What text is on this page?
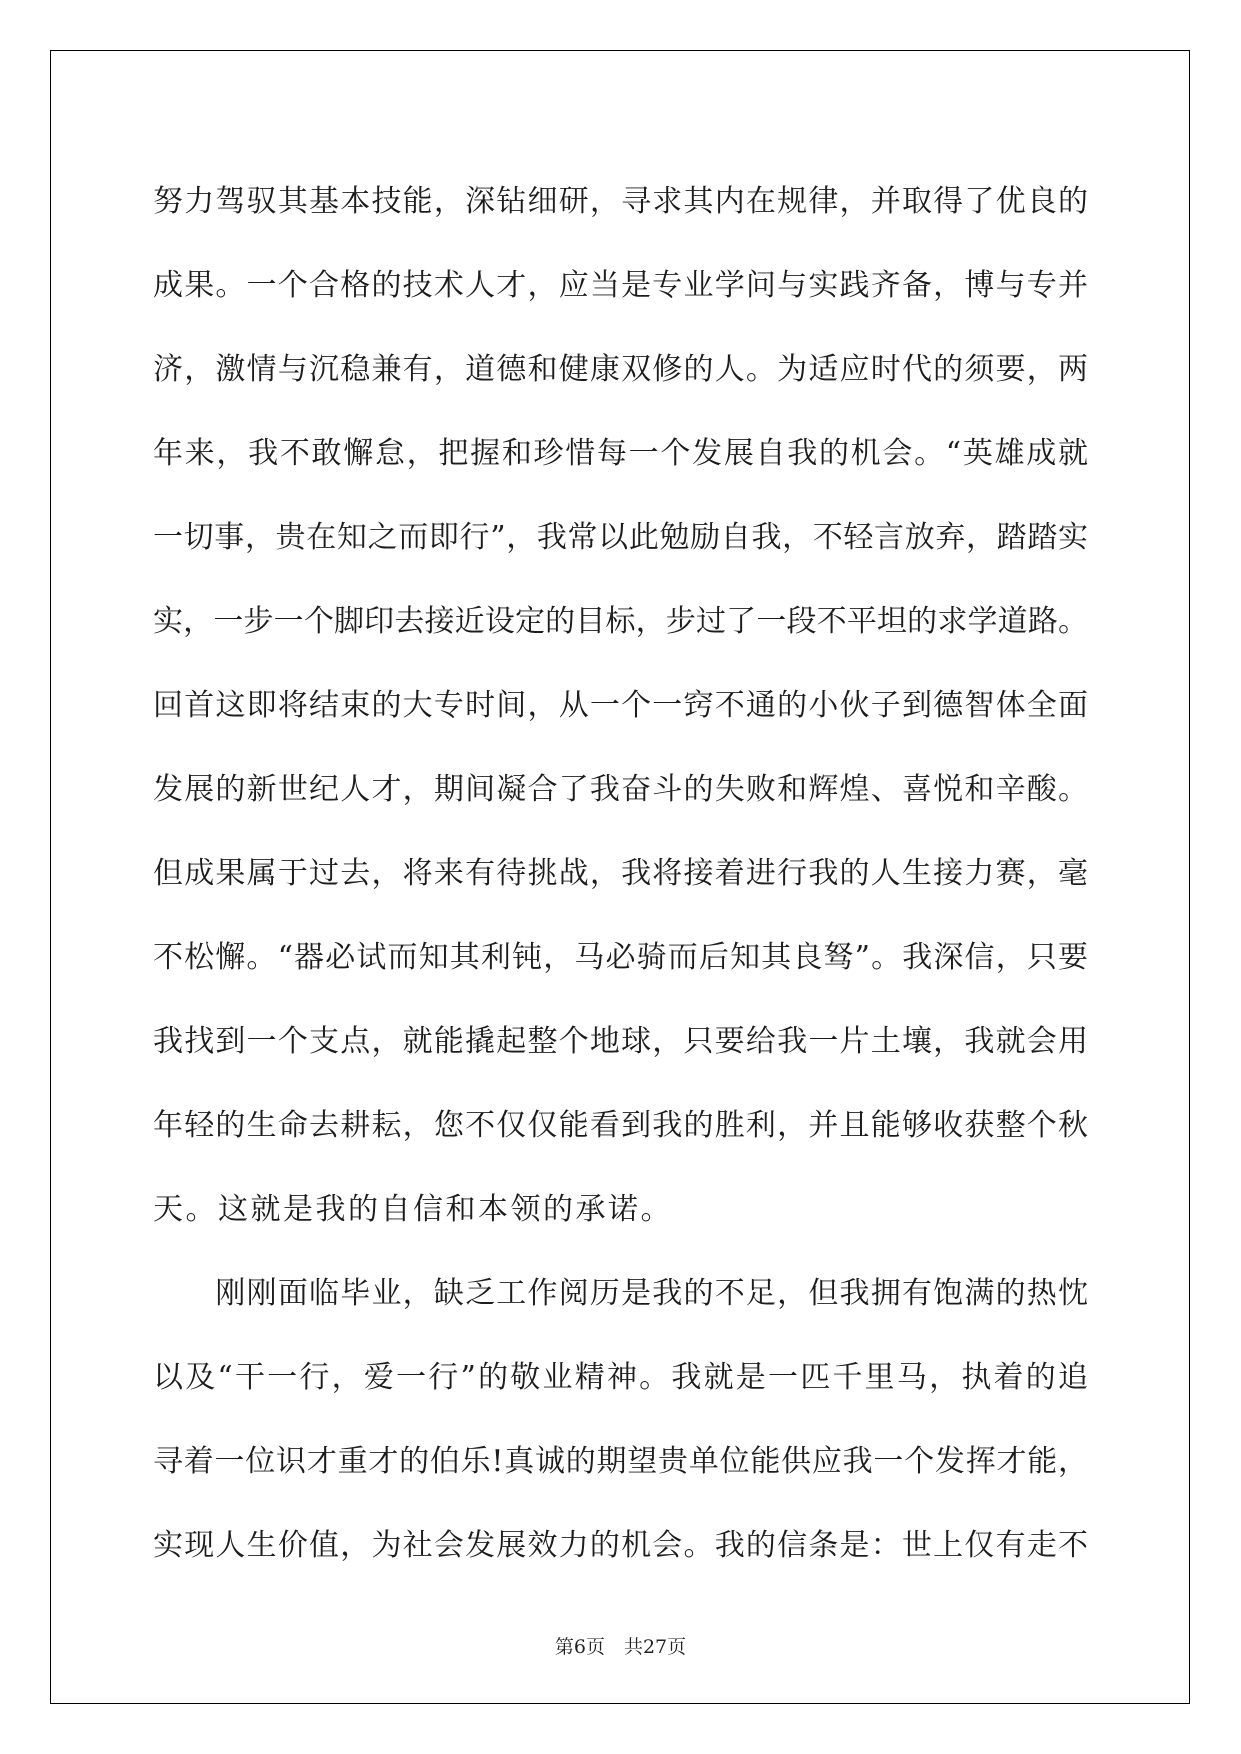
努力驾驭其基本技能，深钻细研，寻求其内在规律，并取得了优良的
成果。一个合格的技术人才，应当是专业学问与实践齐备，博与专并
济，激情与沉稳兼有，道德和健康双修的人。为适应时代的须要，两
年来，我不敢懈怠，把握和珍惜每一个发展自我的机会。“英雄成就
一切事，贵在知之而即行”，我常以此勉励自我，不轻言放弃，踏踏实
实，一步一个脚印去接近设定的目标，步过了一段不平坦的求学道路。
回首这即将结束的大专时间，从一个一窍不通的小伙子到德智体全面
发展的新世纪人才，期间凝合了我奋斗的失败和辉煌、喜悦和辛酸。
但成果属于过去，将来有待挑战，我将接着进行我的人生接力赛，毫
不松懈。“器必试而知其利钝，马必骑而后知其良驽”。我深信，只要
我找到一个支点，就能撬起整个地球，只要给我一片土壤，我就会用
年轻的生命去耕耘，您不仅仅能看到我的胜利，并且能够收获整个秋
天。这就是我的自信和本领的承诺。
　　刚刚面临毕业，缺乏工作阅历是我的不足，但我拥有饱满的热忱
以及“干一行，爱一行”的敬业精神。我就是一匹千里马，执着的追
寻着一位识才重才的伯乐!真诚的期望贵单位能供应我一个发挥才能，
实现人生价值，为社会发展效力的机会。我的信条是：世上仅有走不
第6页　共27页
